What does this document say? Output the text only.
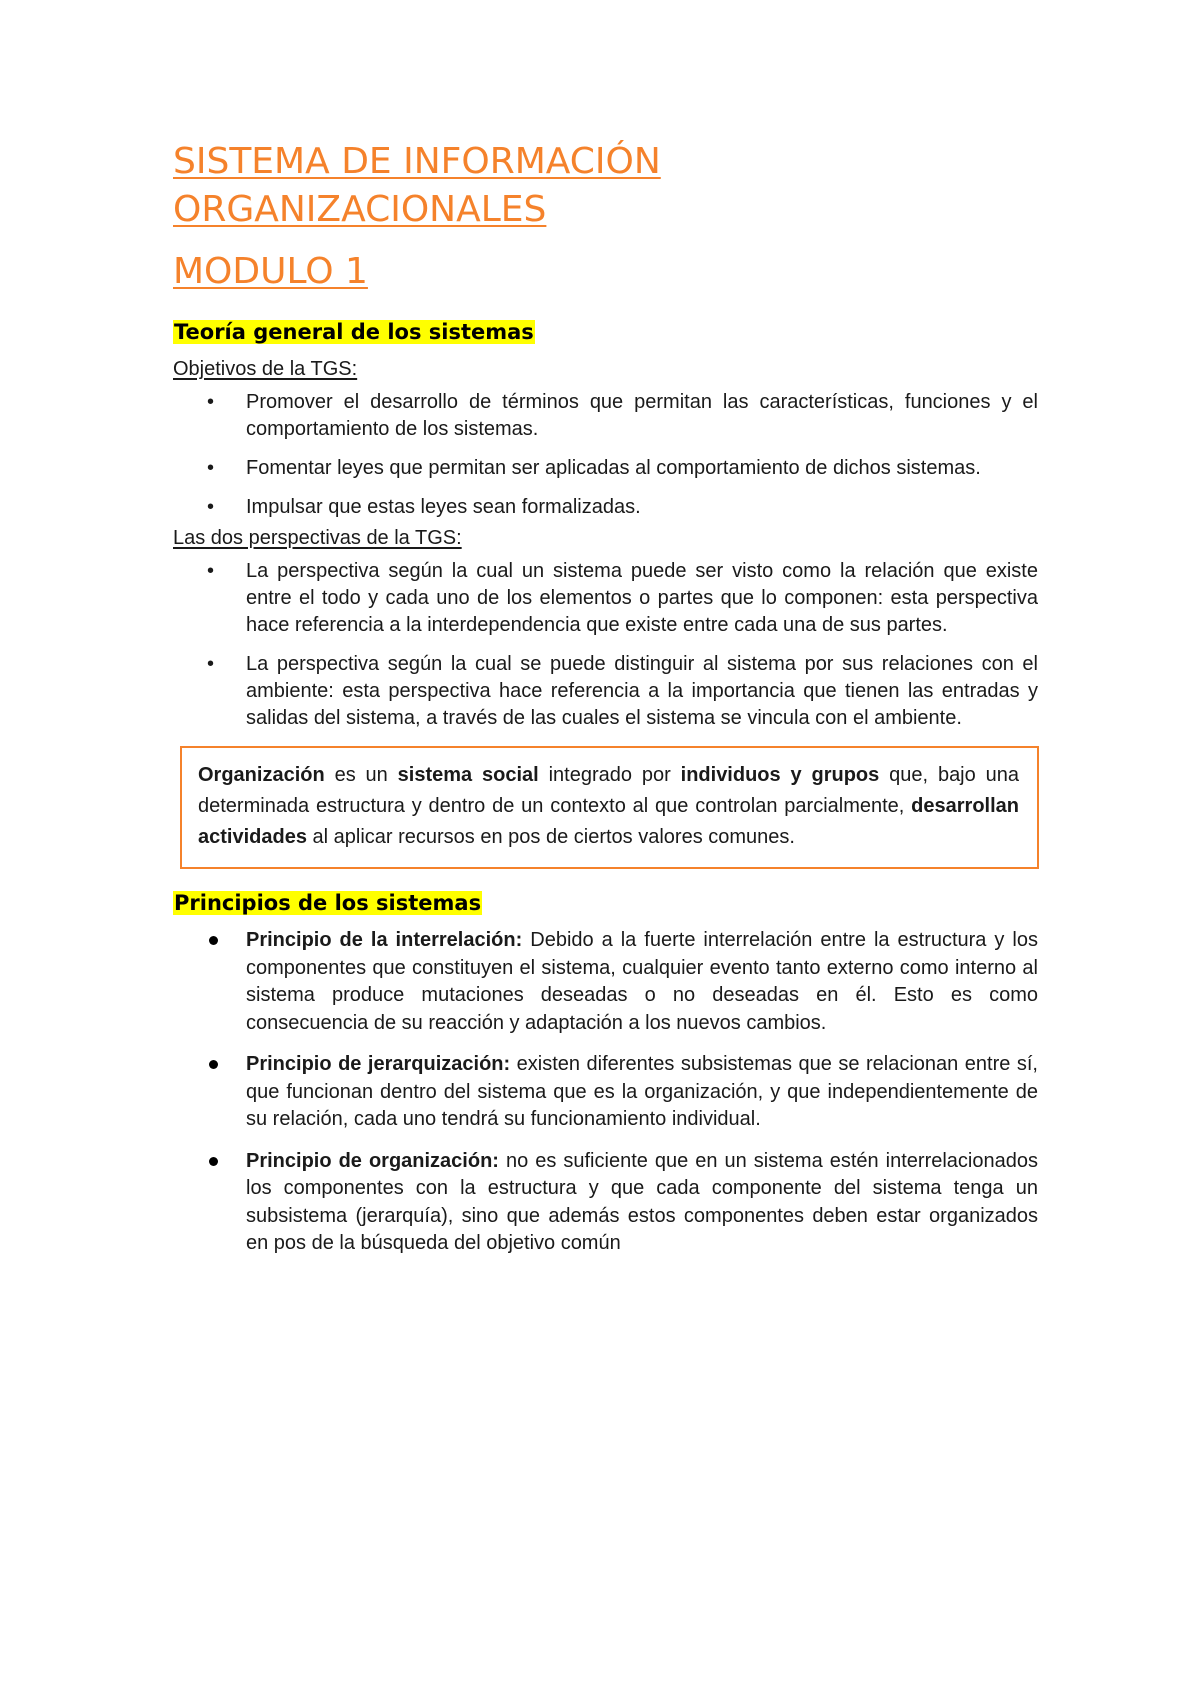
SISTEMA DE INFORMACIÓN ORGANIZACIONALES
MODULO 1
Teoría general de los sistemas

Objetivos de la TGS:

• Promover el desarrollo de términos que permitan las características, funciones y el comportamiento de los sistemas.
• Fomentar leyes que permitan ser aplicadas al comportamiento de dichos sistemas.
• Impulsar que estas leyes sean formalizadas.

Las dos perspectivas de la TGS:

• La perspectiva según la cual un sistema puede ser visto como la relación que existe entre el todo y cada uno de los elementos o partes que lo componen: esta perspectiva hace referencia a la interdependencia que existe entre cada una de sus partes.
• La perspectiva según la cual se puede distinguir al sistema por sus relaciones con el ambiente: esta perspectiva hace referencia a la importancia que tienen las entradas y salidas del sistema, a través de las cuales el sistema se vincula con el ambiente.
Organización es un sistema social integrado por individuos y grupos que, bajo una determinada estructura y dentro de un contexto al que controlan parcialmente, desarrollan actividades al aplicar recursos en pos de ciertos valores comunes.
Principios de los sistemas
Principio de la interrelación: Debido a la fuerte interrelación entre la estructura y los componentes que constituyen el sistema, cualquier evento tanto externo como interno al sistema produce mutaciones deseadas o no deseadas en él. Esto es como consecuencia de su reacción y adaptación a los nuevos cambios.
Principio de jerarquización: existen diferentes subsistemas que se relacionan entre sí, que funcionan dentro del sistema que es la organización, y que independientemente de su relación, cada uno tendrá su funcionamiento individual.
Principio de organización: no es suficiente que en un sistema estén interrelacionados los componentes con la estructura y que cada componente del sistema tenga un subsistema (jerarquía), sino que además estos componentes deben estar organizados en pos de la búsqueda del objetivo común
